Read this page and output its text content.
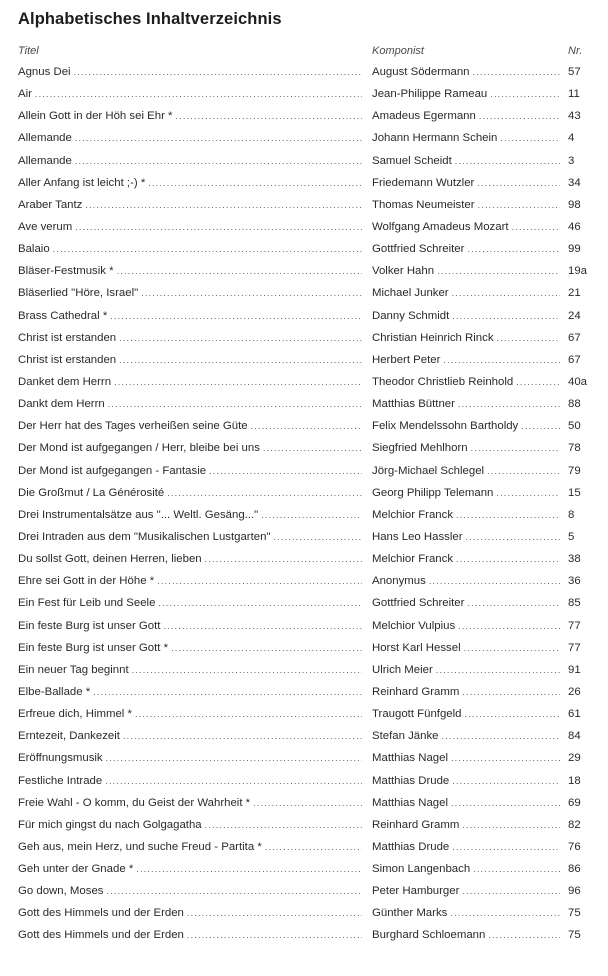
Alphabetisches Inhaltverzeichnis
Titel	Komponist	Nr.
Agnus Dei .....	August Södermann .....	57
Air .....	Jean-Philippe Rameau .....	11
Allein Gott in der Höh sei Ehr * .....	Amadeus Egermann .....	43
Allemande .....	Johann Hermann Schein .....	4
Allemande .....	Samuel Scheidt .....	3
Aller Anfang ist leicht ;-) * .....	Friedemann Wutzler .....	34
Araber Tantz .....	Thomas Neumeister .....	98
Ave verum .....	Wolfgang Amadeus Mozart .....	46
Balaio .....	Gottfried Schreiter .....	99
Bläser-Festmusik * .....	Volker Hahn .....	19a
Bläserlied "Höre, Israel" .....	Michael Junker .....	21
Brass Cathedral * .....	Danny Schmidt .....	24
Christ ist erstanden .....	Christian Heinrich Rinck .....	67
Christ ist erstanden .....	Herbert Peter .....	67
Danket dem Herrn .....	Theodor Christlieb Reinhold .....	40a
Dankt dem Herrn .....	Matthias Büttner .....	88
Der Herr hat des Tages verheißen seine Güte .....	Felix Mendelssohn Bartholdy .....	50
Der Mond ist aufgegangen / Herr, bleibe bei uns .....	Siegfried Mehlhorn .....	78
Der Mond ist aufgegangen - Fantasie .....	Jörg-Michael Schlegel .....	79
Die Großmut / La Générosité .....	Georg Philipp Telemann .....	15
Drei Instrumentalsätze aus "... Weltl. Gesäng..." .....	Melchior Franck .....	8
Drei Intraden aus dem "Musikalischen Lustgarten" .....	Hans Leo Hassler .....	5
Du sollst Gott, deinen Herren, lieben .....	Melchior Franck .....	38
Ehre sei Gott in der Höhe * .....	Anonymus .....	36
Ein Fest für Leib und Seele .....	Gottfried Schreiter .....	85
Ein feste Burg ist unser Gott .....	Melchior Vulpius .....	77
Ein feste Burg ist unser Gott * .....	Horst Karl Hessel .....	77
Ein neuer Tag beginnt .....	Ulrich Meier .....	91
Elbe-Ballade * .....	Reinhard Gramm .....	26
Erfreue dich, Himmel * .....	Traugott Fünfgeld .....	61
Erntezeit, Dankezeit .....	Stefan Jänke .....	84
Eröffnungsmusik .....	Matthias Nagel .....	29
Festliche Intrade .....	Matthias Drude .....	18
Freie Wahl - O komm, du Geist der Wahrheit * .....	Matthias Nagel .....	69
Für mich gingst du nach Golgagatha .....	Reinhard Gramm .....	82
Geh aus, mein Herz, und suche Freud - Partita * .....	Matthias Drude .....	76
Geh unter der Gnade * .....	Simon Langenbach .....	86
Go down, Moses .....	Peter Hamburger .....	96
Gott des Himmels und der Erden .....	Günther Marks .....	75
Gott des Himmels und der Erden .....	Burghard Schloemann .....	75
